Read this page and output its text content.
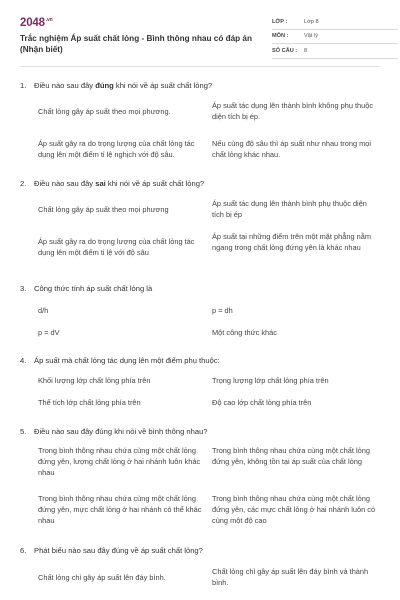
$2048^{.vn}$
Trắc nghiệm Áp suất chất lỏng - Bình thông nhau có đáp án (Nhận biết)
LỚP :	Lớp 8
MÔN :	Vật lý
SỐ CÂU :	8
1 .	Điều nào sau đây đúng khi nói về áp suất chất lỏng?
Chất lỏng gây áp suất theo mọi phương.
Áp suất tác dụng lên thành bình không phụ thuộc diện tích bị ép.
Áp suất gây ra do trọng lượng của chất lỏng tác dụng lên một điểm tỉ lệ nghịch với độ sâu.
Nếu cùng độ sâu thì áp suất như nhau trong mọi chất lỏng khác nhau.
2 .	Điều nào sau đây sai khi nói về áp suất chất lỏng?
Chất lỏng gây áp suất theo mọi phương
Áp suất tác dụng lên thành bình phụ thuộc diện tích bị ép
Áp suất gây ra do trọng lượng của chất lỏng tác dụng lên một điểm tỉ lệ với độ sâu
Áp suất tại những điểm trên một mặt phẳng nằm ngang trong chất lỏng đứng yên là khác nhau
3 .	Công thức tính áp suất chất lỏng là
d/h	p = dh
p = dV	Một công thức khác
4 .	Áp suất mà chất lỏng tác dụng lên một điểm phụ thuộc:
Khối lượng lớp chất lỏng phía trên	Trọng lượng lớp chất lỏng phía trên
Thể tích lớp chất lỏng phía trên	Độ cao lớp chất lỏng phía trên
5 .	Điều nào sau đây đúng khi nói về bình thông nhau?
Trong bình thông nhau chứa cùng một chất lỏng đứng yên, lượng chất lỏng ở hai nhánh luôn khác nhau
Trong bình thông nhau chứa cùng một chất lỏng đứng yên, không tồn tại áp suất của chất lỏng
Trong bình thông nhau chứa cùng một chất lỏng đứng yên, mực chất lỏng ở hai nhánh có thể khác nhau
Trong bình thông nhau chứa cùng một chất lỏng đứng yên, các mực chất lỏng ở hai nhánh luôn có cùng một độ cao
6 .	Phát biểu nào sau đây đúng về áp suất chất lỏng?
Chất lỏng chỉ gây áp suất lên đáy bình.
Chất lỏng chỉ gây áp suất lên đáy bình và thành bình.
